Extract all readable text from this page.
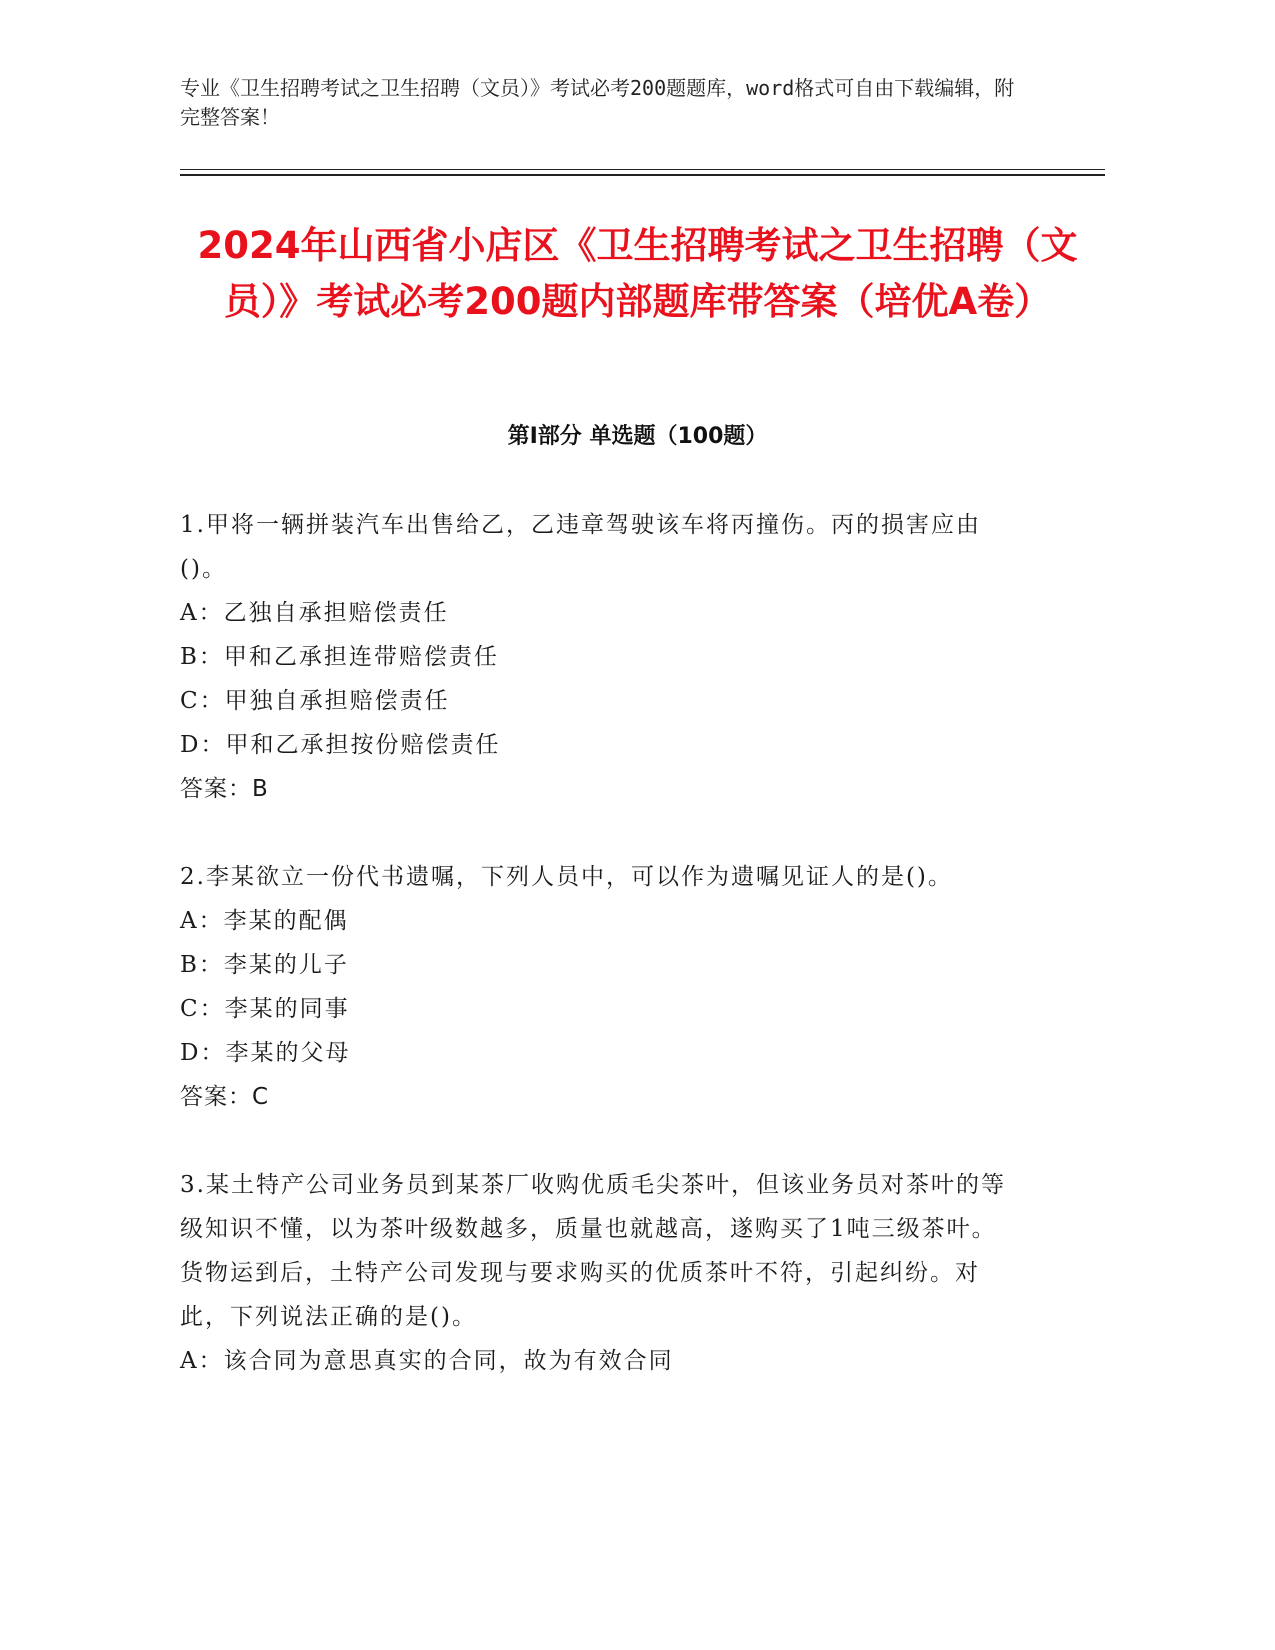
专业《卫生招聘考试之卫生招聘（文员）》考试必考200题题库，word格式可自由下载编辑，附完整答案！
2024年山西省小店区《卫生招聘考试之卫生招聘（文员）》考试必考200题内部题库带答案（培优A卷）
第Ⅰ部分 单选题（100题）
1.甲将一辆拼装汽车出售给乙，乙违章驾驶该车将丙撞伤。丙的损害应由()。
A：乙独自承担赔偿责任
B：甲和乙承担连带赔偿责任
C：甲独自承担赔偿责任
D：甲和乙承担按份赔偿责任
答案：B
2.李某欲立一份代书遗嘱，下列人员中，可以作为遗嘱见证人的是()。
A：李某的配偶
B：李某的儿子
C：李某的同事
D：李某的父母
答案：C
3.某土特产公司业务员到某茶厂收购优质毛尖茶叶，但该业务员对茶叶的等级知识不懂，以为茶叶级数越多，质量也就越高，遂购买了1吨三级茶叶。货物运到后，土特产公司发现与要求购买的优质茶叶不符，引起纠纷。对此，下列说法正确的是()。
A：该合同为意思真实的合同，故为有效合同
